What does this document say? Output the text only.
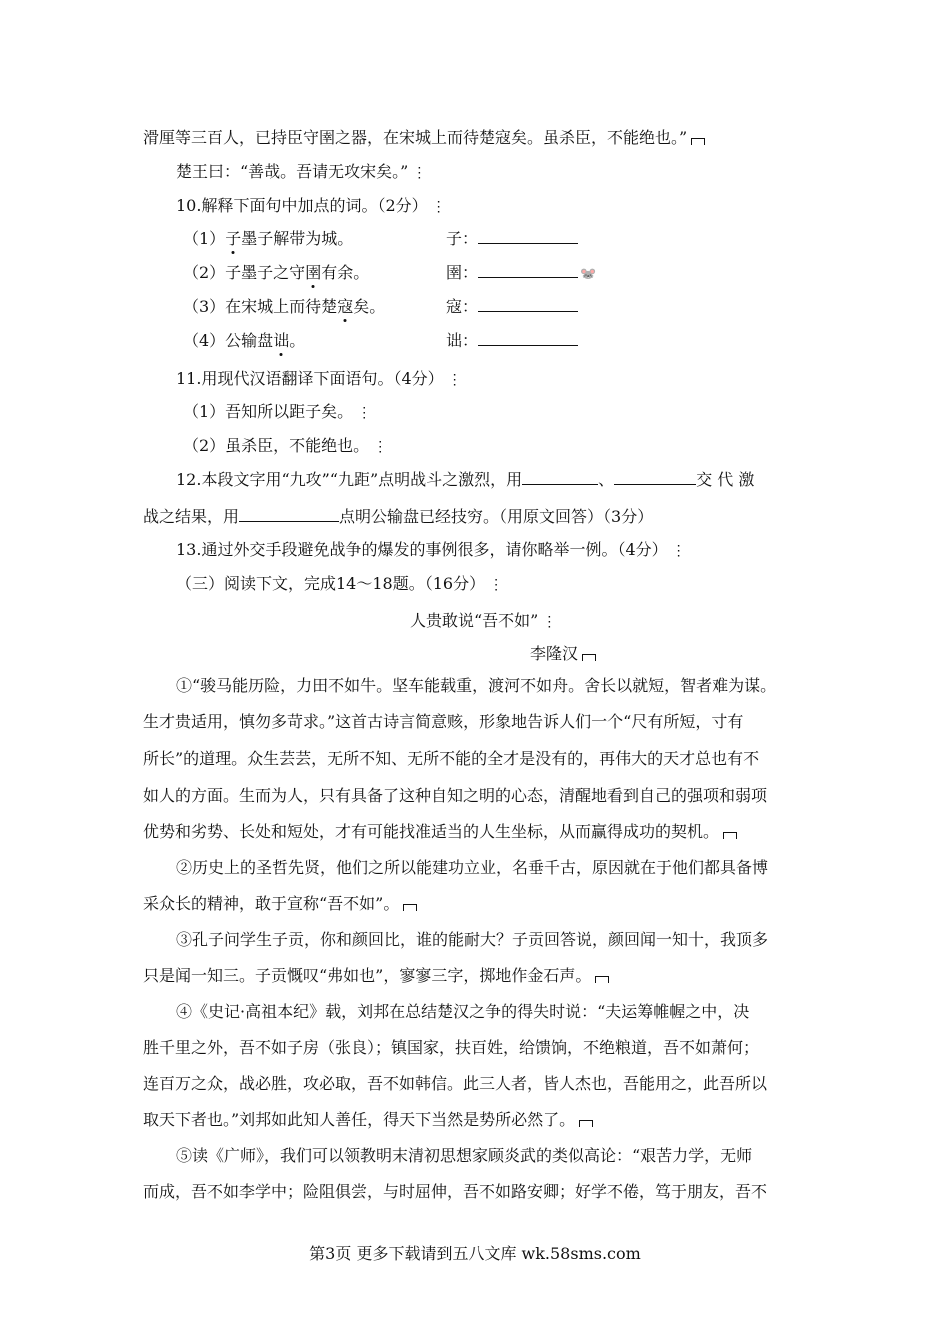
滑厘等三百人，已持臣守圉之器，在宋城上而待楚寇矣。虽杀臣，不能绝也。”
楚王曰：“善哉。吾请无攻宋矣。” ⋮
10.解释下面句中加点的词。（2分） ⋮
（1）子墨子解带为城。	子：
（2）子墨子之守圉有余。	圉：	🐭
（3）在宋城上而待楚寇矣。	寇：
（4）公输盘诎。	诎：
11.用现代汉语翻译下面语句。（4分） ⋮
（1）吾知所以距子矣。 ⋮
（2）虽杀臣，不能绝也。 ⋮
12.本段文字用“九攻”“九距”点明战斗之激烈，用	、	交 代 激
战之结果，用	点明公输盘已经技穷。（用原文回答）（3分）
13.通过外交手段避免战争的爆发的事例很多，请你略举一例。（4分） ⋮
（三）阅读下文，完成14～18题。（16分） ⋮
人贵敢说“吾不如” ⋮
李隆汉
①“骏马能历险，力田不如牛。坚车能载重，渡河不如舟。舍长以就短，智者难为谋。
生才贵适用，慎勿多苛求。”这首古诗言简意赅，形象地告诉人们一个“尺有所短，寸有
所长”的道理。众生芸芸，无所不知、无所不能的全才是没有的，再伟大的天才总也有不
如人的方面。生而为人，只有具备了这种自知之明的心态，清醒地看到自己的强项和弱项
优势和劣势、长处和短处，才有可能找准适当的人生坐标，从而赢得成功的契机。
②历史上的圣哲先贤，他们之所以能建功立业，名垂千古，原因就在于他们都具备博
采众长的精神，敢于宣称“吾不如”。
③孔子问学生子贡，你和颜回比，谁的能耐大？子贡回答说，颜回闻一知十，我顶多
只是闻一知三。子贡慨叹“弗如也”，寥寥三字，掷地作金石声。
④《史记·高祖本纪》载，刘邦在总结楚汉之争的得失时说：“夫运筹帷幄之中，决
胜千里之外，吾不如子房（张良）；镇国家，扶百姓，给馈饷，不绝粮道，吾不如萧何；
连百万之众，战必胜，攻必取，吾不如韩信。此三人者，皆人杰也，吾能用之，此吾所以
取天下者也。”刘邦如此知人善任，得天下当然是势所必然了。
⑤读《广师》，我们可以领教明末清初思想家顾炎武的类似高论：“艰苦力学，无师
而成，吾不如李学中；险阻俱尝，与时屈伸，吾不如路安卿；好学不倦，笃于朋友，吾不
第3页 更多下载请到五八文库 wk.58sms.com
